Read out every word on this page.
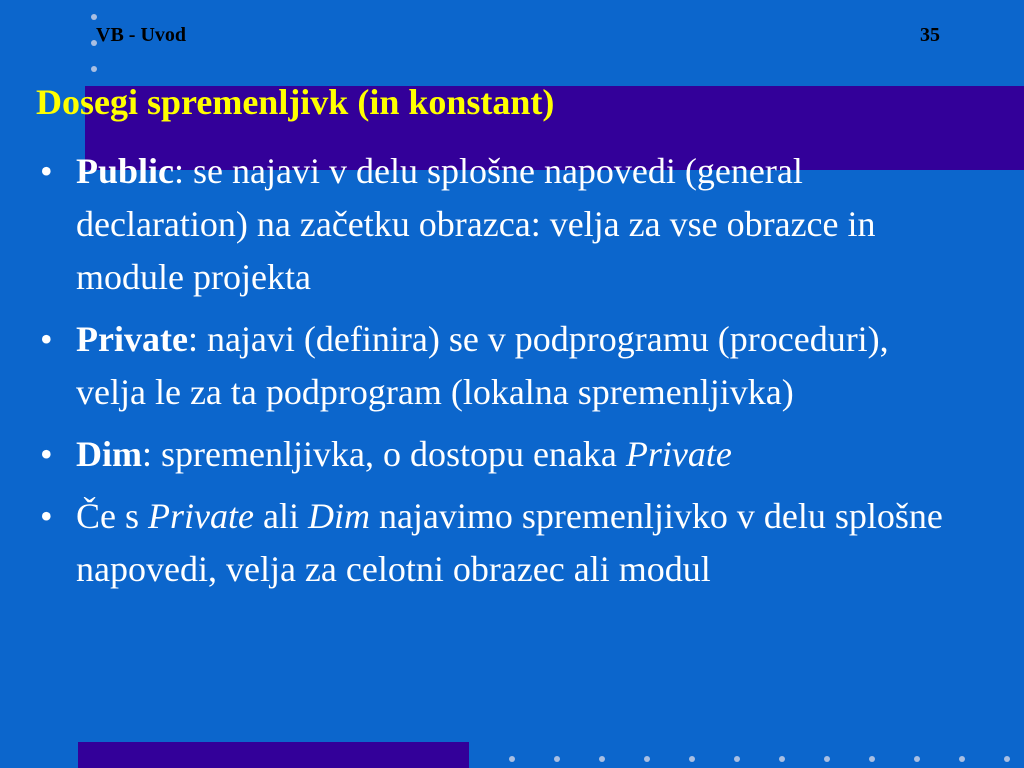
VB - Uvod	35
Dosegi spremenljivk (in konstant)
• Public: se najavi v delu splošne napovedi (general declaration) na začetku obrazca: velja za vse obrazce in module projekta
• Private: najavi (definira) se v podprogramu (proceduri), velja le za ta podprogram (lokalna spremenljivka)
• Dim: spremenljivka, o dostopu enaka Private
• Če s Private ali Dim najavimo spremenljivko v delu splošne napovedi, velja za celotni obrazec ali modul
